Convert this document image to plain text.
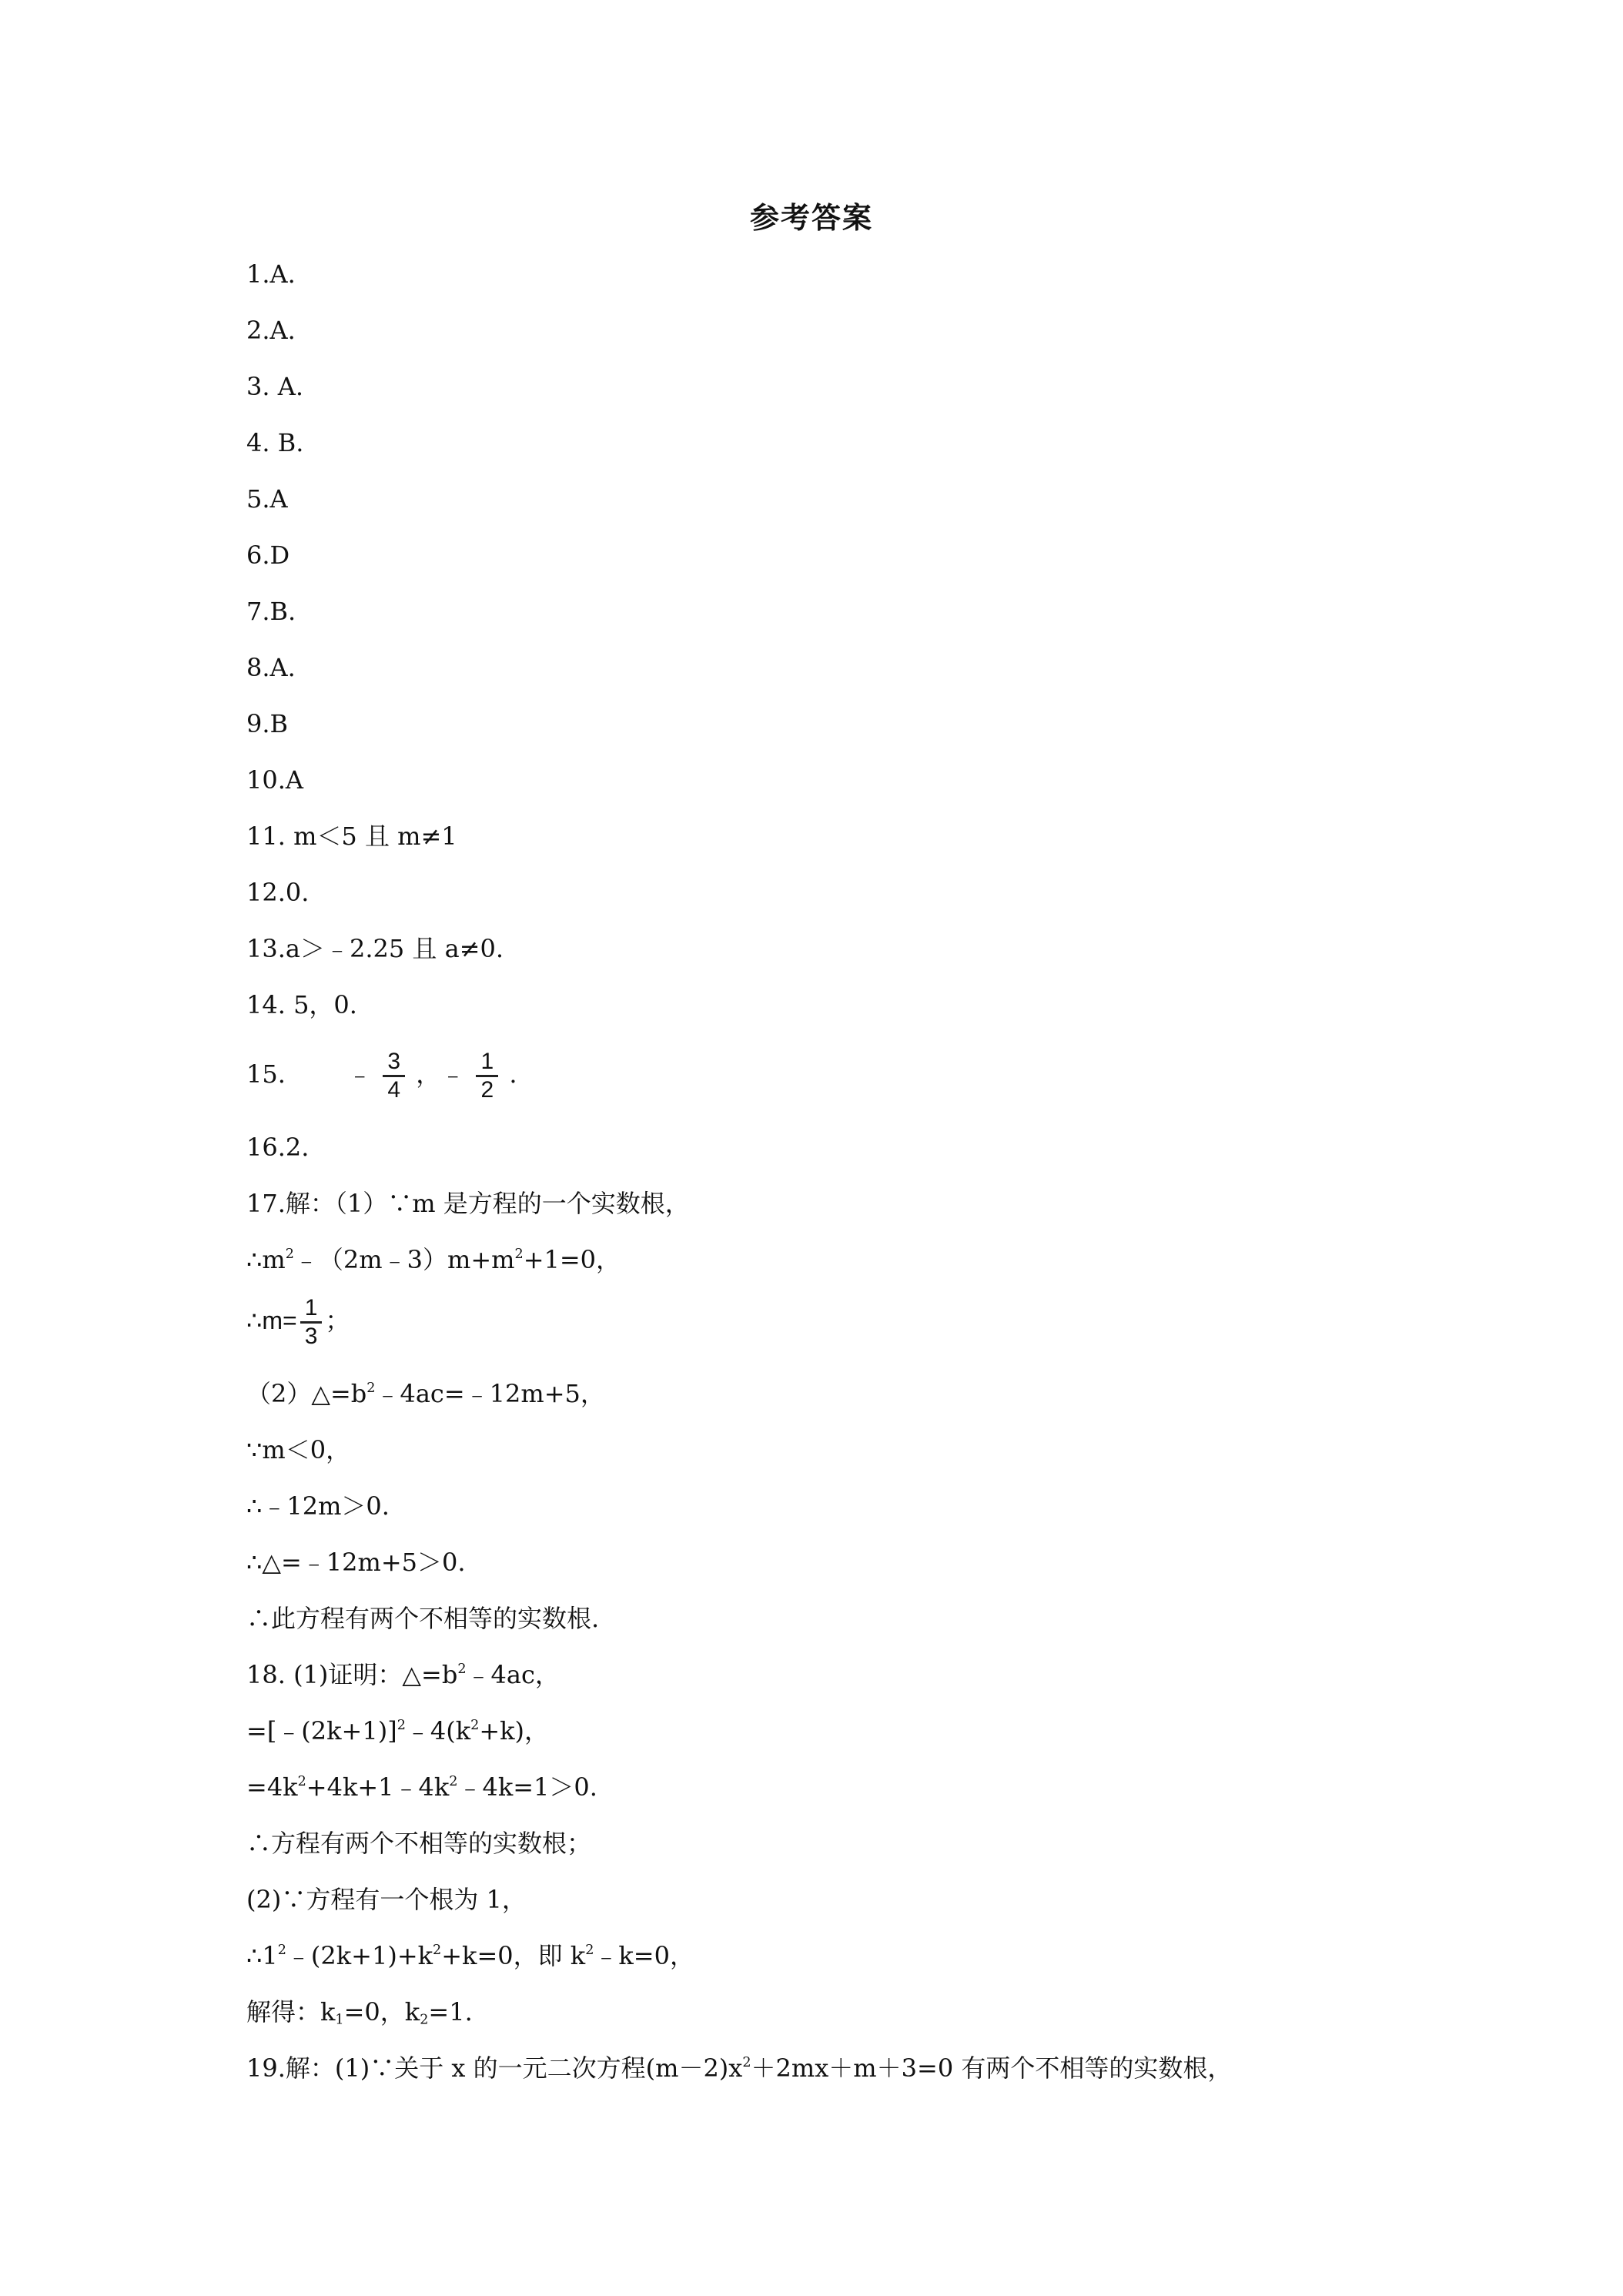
参考答案
1.A.
2.A.
3. A.
4. B.
5.A
6.D
7.B.
8.A.
9.B
10.A
11. m＜5 且 m≠1
12.0.
13.a＞﹣2.25 且 a≠0.
14. 5，0.
15.	﹣ $\frac{3}{4}$ ，﹣ $\frac{1}{2}$ .
16.2.
17.解：（1）∵m 是方程的一个实数根，
$\therefore m^2﹣(2m﹣3)m+m^2+1=0$，
∴m= $\frac{1}{3}$ ；
$(2)\triangle=b^2﹣4ac=﹣12m+5$，
∵m＜0，
∴﹣12m＞0.
∴△=﹣12m+5＞0.
∴此方程有两个不相等的实数根.
18. (1)证明：$\triangle=b^2﹣4ac$，
$=[﹣(2k+1)]^2﹣4(k^2+k)$，
$=4k^2+4k+1﹣4k^2﹣4k=1>0$.
∴方程有两个不相等的实数根；
(2)∵方程有一个根为 1，
$\therefore 1^2﹣(2k+1)+k^2+k=0$，即 $k^2﹣k=0$，
解得：$k_1=0$，$k_2=1$.
19.解：(1)∵关于 x 的一元二次方程$(m-2)x^2+2mx+m+3=0$ 有两个不相等的实数根，
